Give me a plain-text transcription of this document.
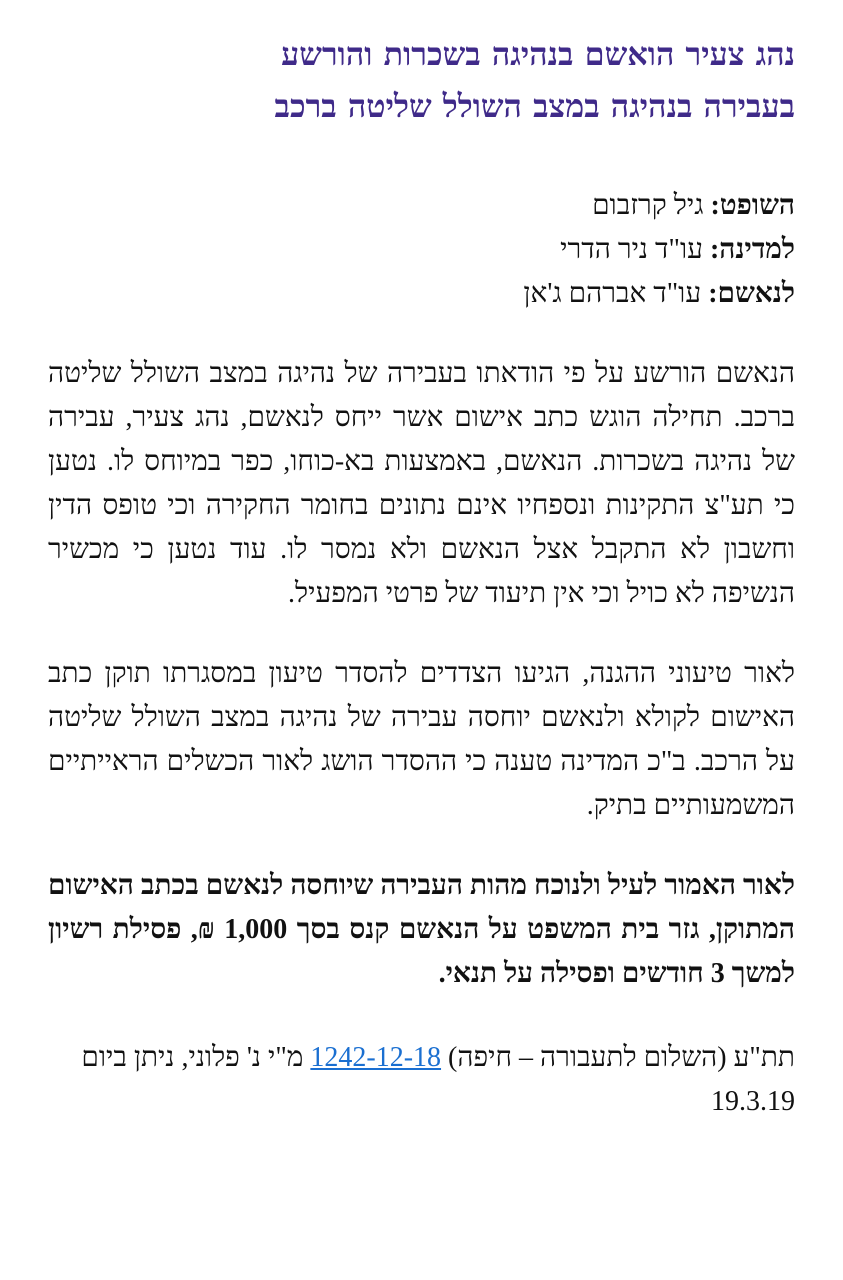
נהג צעיר הואשם בנהיגה בשכרות והורשע
בעבירה בנהיגה במצב השולל שליטה ברכב
השופט: גיל קרזבום
למדינה: עו"ד ניר הדרי
לנאשם: עו"ד אברהם ג'אן

הנאשם הורשע על פי הודאתו בעבירה של נהיגה במצב השולל שליטה ברכב. תחילה הוגש כתב אישום אשר ייחס לנאשם, נהג צעיר, עבירה של נהיגה בשכרות. הנאשם, באמצעות בא-כוחו, כפר במיוחס לו. נטען כי תע"צ התקינות ונספחיו אינם נתונים בחומר החקירה וכי טופס הדין וחשבון לא התקבל אצל הנאשם ולא נמסר לו. עוד נטען כי מכשיר הנשיפה לא כויל וכי אין תיעוד של פרטי המפעיל.

לאור טיעוני ההגנה, הגיעו הצדדים להסדר טיעון במסגרתו תוקן כתב האישום לקולא ולנאשם יוחסה עבירה של נהיגה במצב השולל שליטה על הרכב. ב"כ המדינה טענה כי ההסדר הושג לאור הכשלים הראייתיים המשמעותיים בתיק.

לאור האמור לעיל ולנוכח מהות העבירה שיוחסה לנאשם בכתב האישום המתוקן, גזר בית המשפט על הנאשם קנס בסך 1,000 ₪, פסילת רשיון למשך 3 חודשים ופסילה על תנאי.

תת"ע (השלום לתעבורה – חיפה) 1242-12-18 מ"י נ' פלוני, ניתן ביום 19.3.19
